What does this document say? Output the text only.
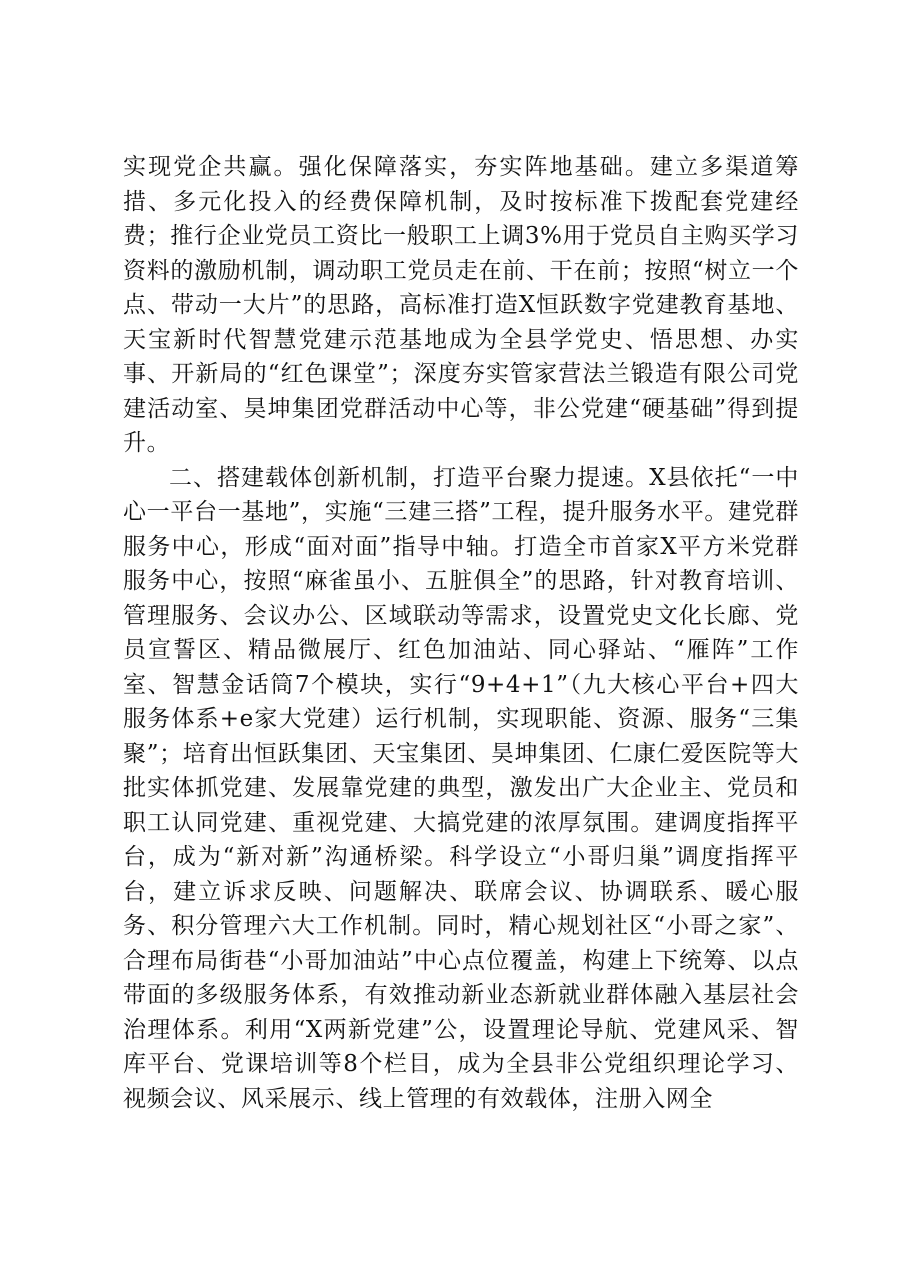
实现党企共赢。强化保障落实，夯实阵地基础。建立多渠道筹措、多元化投入的经费保障机制，及时按标准下拨配套党建经费；推行企业党员工资比一般职工上调3%用于党员自主购买学习资料的激励机制，调动职工党员走在前、干在前；按照“树立一个点、带动一大片”的思路，高标准打造X恒跃数字党建教育基地、天宝新时代智慧党建示范基地成为全县学党史、悟思想、办实事、开新局的“红色课堂”；深度夯实管家营法兰锻造有限公司党建活动室、昊坤集团党群活动中心等，非公党建“硬基础”得到提升。

二、搭建载体创新机制，打造平台聚力提速。X县依托“一中心一平台一基地”，实施“三建三搭”工程，提升服务水平。建党群服务中心，形成“面对面”指导中轴。打造全市首家X平方米党群服务中心，按照“麻雀虽小、五脏俱全”的思路，针对教育培训、管理服务、会议办公、区域联动等需求，设置党史文化长廊、党员宣誓区、精品微展厅、红色加油站、同心驿站、“雁阵”工作室、智慧金话筒7个模块，实行“9+4+1”（九大核心平台+四大服务体系+e家大党建）运行机制，实现职能、资源、服务“三集聚”；培育出恒跃集团、天宝集团、昊坤集团、仁康仁爱医院等大批实体抓党建、发展靠党建的典型，激发出广大企业主、党员和职工认同党建、重视党建、大搞党建的浓厚氛围。建调度指挥平台，成为“新对新”沟通桥梁。科学设立“小哥归巢”调度指挥平台，建立诉求反映、问题解决、联席会议、协调联系、暖心服务、积分管理六大工作机制。同时，精心规划社区“小哥之家”、合理布局街巷“小哥加油站”中心点位覆盖，构建上下统筹、以点带面的多级服务体系，有效推动新业态新就业群体融入基层社会治理体系。利用“X两新党建”公，设置理论导航、党建风采、智库平台、党课培训等8个栏目，成为全县非公党组织理论学习、视频会议、风采展示、线上管理的有效载体，注册入网全
